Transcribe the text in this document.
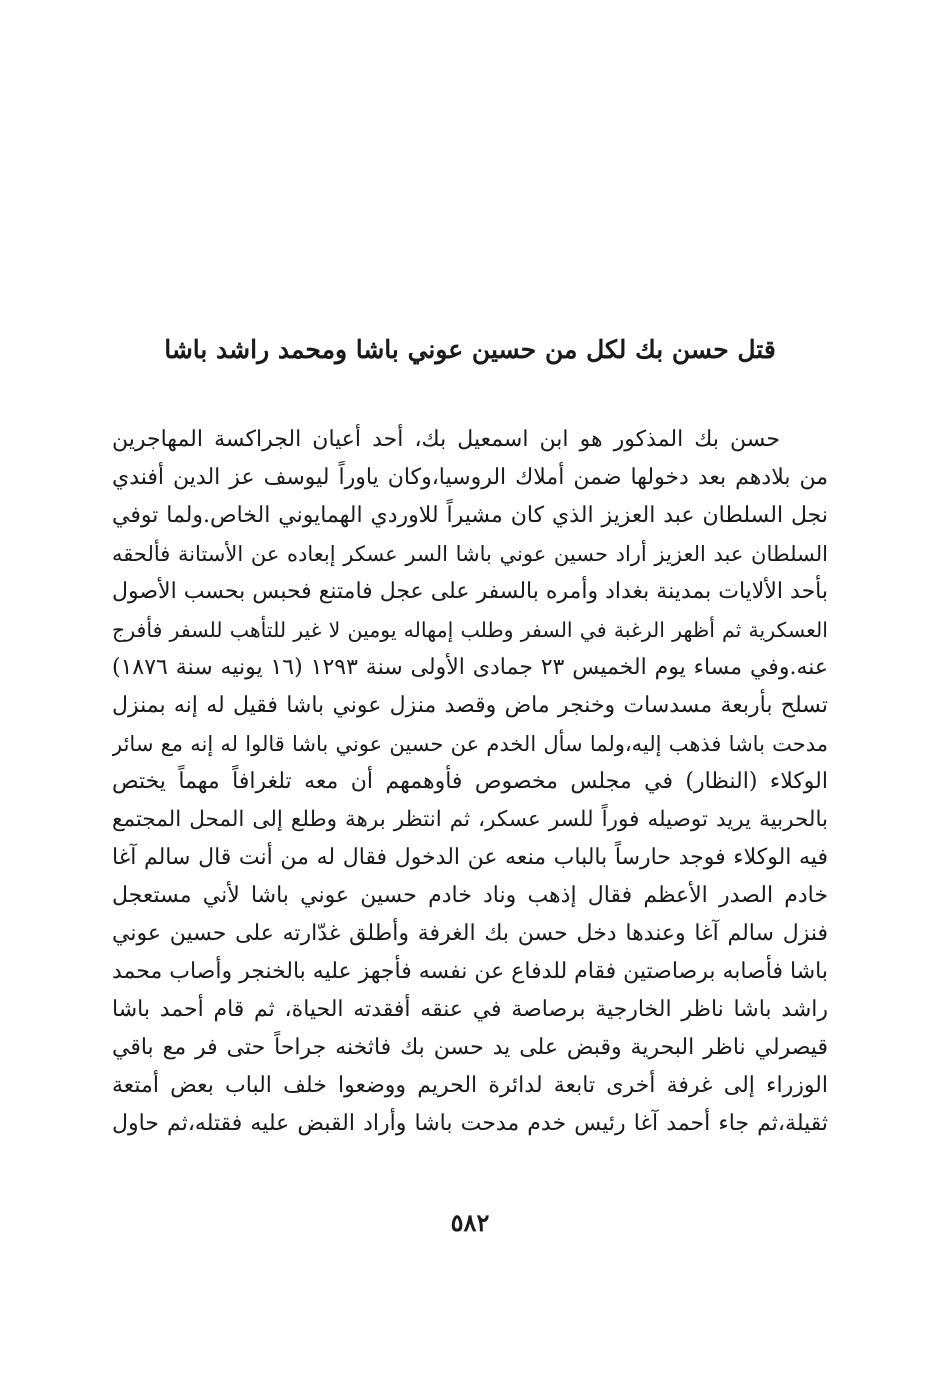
قتل حسن بك لكل من حسين عوني باشا ومحمد راشد باشا
حسن بك المذكور هو ابن اسمعيل بك، أحد أعيان الجراكسة المهاجرين
من بلادهم بعد دخولها ضمن أملاك الروسيا،وكان ياوراً ليوسف عز الدين أفندي
نجل السلطان عبد العزيز الذي كان مشيراً للاوردي الهمايوني الخاص.ولما توفي
السلطان عبد العزيز أراد حسين عوني باشا السر عسكر إبعاده عن الأستانة فألحقه
بأحد الألايات بمدينة بغداد وأمره بالسفر على عجل فامتنع فحبس بحسب الأصول
العسكرية ثم أظهر الرغبة في السفر وطلب إمهاله يومين لا غير للتأهب للسفر فأفرج
عنه.وفي مساء يوم الخميس ٢٣ جمادى الأولى سنة ١٢٩٣ (١٦ يونيه سنة ١٨٧٦)
تسلح بأربعة مسدسات وخنجر ماض وقصد منزل عوني باشا فقيل له إنه بمنزل
مدحت باشا فذهب إليه،ولما سأل الخدم عن حسين عوني باشا قالوا له إنه مع سائر
الوكلاء (النظار) في مجلس مخصوص فأوهمهم أن معه تلغرافاً مهماً يختص
بالحربية يريد توصيله فوراً للسر عسكر، ثم انتظر برهة وطلع إلى المحل المجتمع
فيه الوكلاء فوجد حارساً بالباب منعه عن الدخول فقال له من أنت قال سالم آغا
خادم الصدر الأعظم فقال إذهب وناد خادم حسين عوني باشا لأني مستعجل
فنزل سالم آغا وعندها دخل حسن بك الغرفة وأطلق غدّارته على حسين عوني
باشا فأصابه برصاصتين فقام للدفاع عن نفسه فأجهز عليه بالخنجر وأصاب محمد
راشد باشا ناظر الخارجية برصاصة في عنقه أفقدته الحياة، ثم قام أحمد باشا
قيصرلي ناظر البحرية وقبض على يد حسن بك فاثخنه جراحاً حتى فر مع باقي
الوزراء إلى غرفة أخرى تابعة لدائرة الحريم ووضعوا خلف الباب بعض أمتعة
ثقيلة،ثم جاء أحمد آغا رئيس خدم مدحت باشا وأراد القبض عليه فقتله،ثم حاول
٥٨٢
